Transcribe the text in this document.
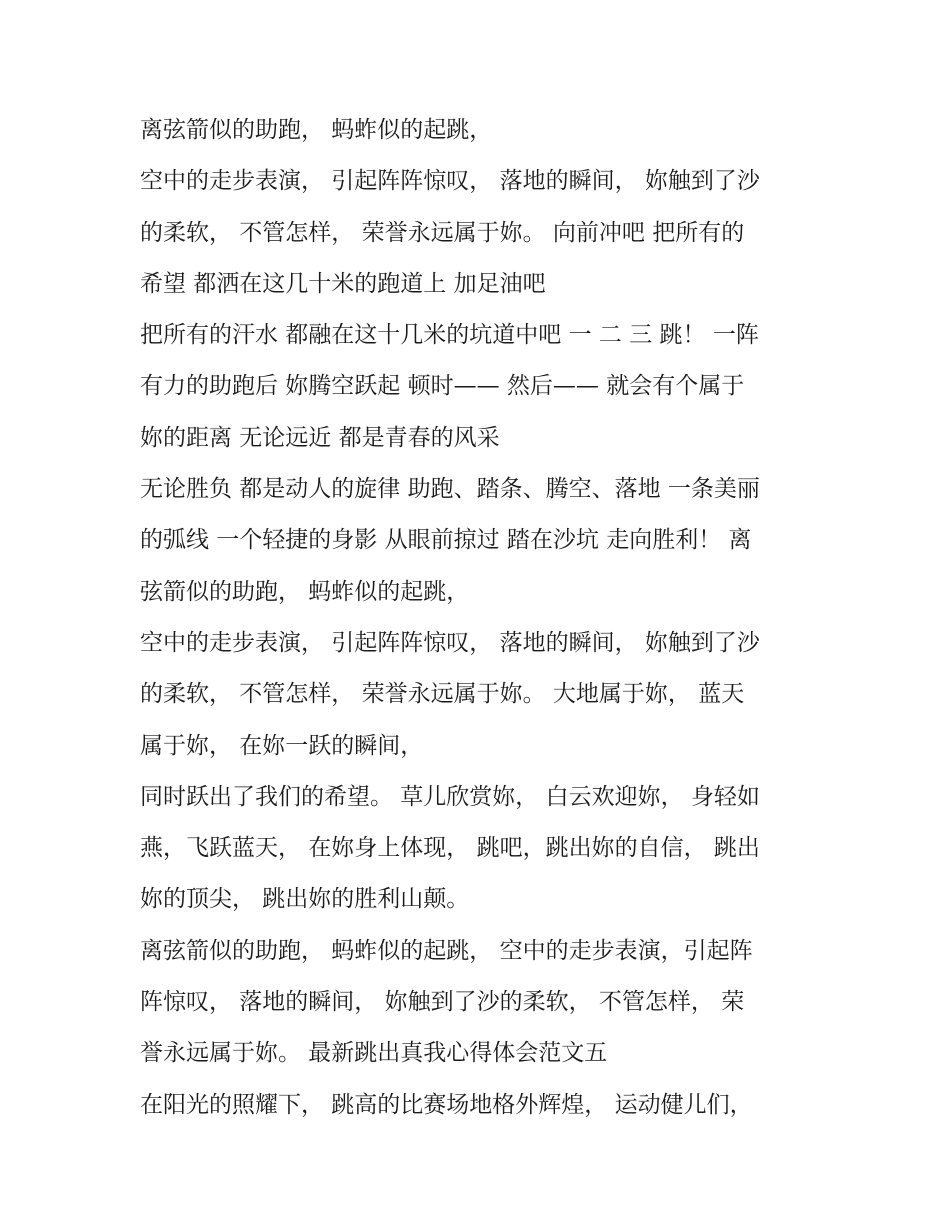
离弦箭似的助跑， 蚂蚱似的起跳，
空中的走步表演， 引起阵阵惊叹， 落地的瞬间， 妳触到了沙
的柔软， 不管怎样， 荣誉永远属于妳。 向前冲吧 把所有的
希望 都洒在这几十米的跑道上 加足油吧
把所有的汗水 都融在这十几米的坑道中吧 一 二 三 跳！ 一阵
有力的助跑后 妳腾空跃起 顿时—— 然后—— 就会有个属于
妳的距离 无论远近 都是青春的风采
无论胜负 都是动人的旋律 助跑、踏条、腾空、落地 一条美丽
的弧线 一个轻捷的身影 从眼前掠过 踏在沙坑 走向胜利！ 离
弦箭似的助跑， 蚂蚱似的起跳，
空中的走步表演， 引起阵阵惊叹， 落地的瞬间， 妳触到了沙
的柔软， 不管怎样， 荣誉永远属于妳。 大地属于妳， 蓝天
属于妳， 在妳一跃的瞬间，
同时跃出了我们的希望。 草儿欣赏妳， 白云欢迎妳， 身轻如
燕，飞跃蓝天， 在妳身上体现， 跳吧，跳出妳的自信， 跳出
妳的顶尖， 跳出妳的胜利山颠。
离弦箭似的助跑， 蚂蚱似的起跳， 空中的走步表演，引起阵
阵惊叹， 落地的瞬间， 妳触到了沙的柔软， 不管怎样， 荣
誉永远属于妳。 最新跳出真我心得体会范文五
在阳光的照耀下， 跳高的比赛场地格外辉煌， 运动健儿们，
